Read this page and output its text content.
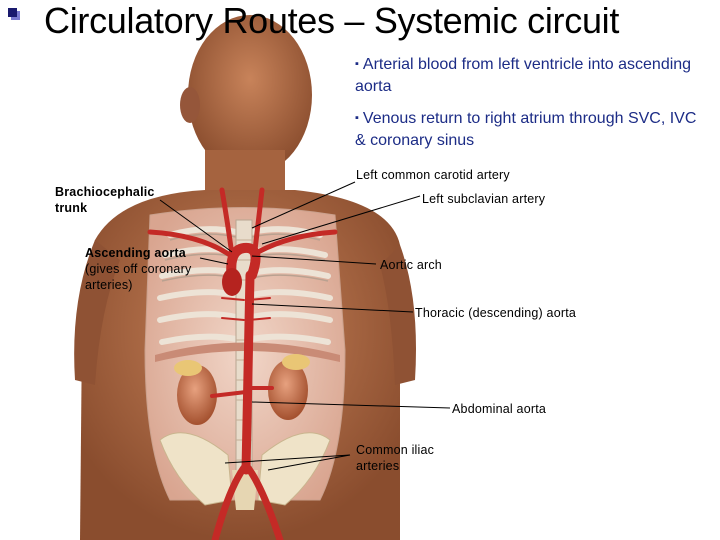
Circulatory Routes – Systemic circuit
▪ Arterial blood from left ventricle into ascending aorta
▪ Venous return to right atrium through SVC, IVC & coronary sinus
Left common carotid artery
Brachiocephalic
trunk
Left subclavian artery
Ascending aorta
(gives off coronary
arteries)
Aortic arch
Thoracic (descending) aorta
Abdominal aorta
Common iliac
arteries
